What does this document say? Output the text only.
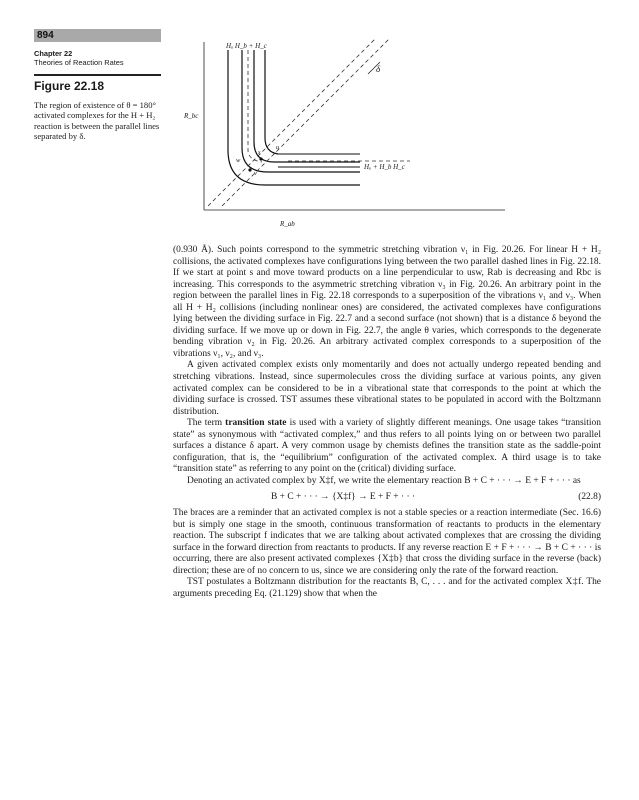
894
Chapter 22
Theories of Reaction Rates
Figure 22.18
The region of existence of θ = 180° activated complexes for the H + H₂ reaction is between the parallel lines separated by δ.
δ
s
u
w
v
Hₐ H_b + H_c
Hₐ + H_b H_c
R_bc
R_ab

(0.930 Å). Such points correspond to the symmetric stretching vibration ν₁ in Fig. 20.26. For linear H + H₂ collisions, the activated complexes have configurations lying between the two parallel dashed lines in Fig. 22.18. If we start at point s and move toward products on a line perpendicular to usw, Rab is decreasing and Rbc is increasing. This corresponds to the asymmetric stretching vibration ν₃ in Fig. 20.26. An arbitrary point in the region between the parallel lines in Fig. 22.18 corresponds to a superposition of the vibrations ν₁ and ν₃. When all H + H₂ collisions (including nonlinear ones) are considered, the activated complexes have configurations lying between the dividing surface in Fig. 22.7 and a second surface (not shown) that is a distance δ beyond the dividing surface. If we move up or down in Fig. 22.7, the angle θ varies, which corresponds to the degenerate bending vibration ν₂ in Fig. 20.26. An arbitrary activated complex corresponds to a superposition of the vibrations ν₁, ν₂, and ν₃.

A given activated complex exists only momentarily and does not actually undergo repeated bending and stretching vibrations. Instead, since supermolecules cross the dividing surface at various points, any given activated complex can be considered to be in a vibrational state that corresponds to the point at which the dividing surface is crossed. TST assumes these vibrational states to be populated in accord with the Boltzmann distribution.

The term transition state is used with a variety of slightly different meanings. One usage takes “transition state” as synonymous with “activated complex,” and thus refers to all points lying on or between two parallel surfaces a distance δ apart. A very common usage by chemists defines the transition state as the saddle-point configuration, that is, the “equilibrium” configuration of the activated complex. A third usage is to take “transition state” as referring to any point on the (critical) dividing surface.

Denoting an activated complex by X‡f, we write the elementary reaction B + C + · · · → E + F + · · · as

B + C + · · · → {X‡f} → E + F + · · ·	(22.8)

The braces are a reminder that an activated complex is not a stable species or a reaction intermediate (Sec. 16.6) but is simply one stage in the smooth, continuous transformation of reactants to products in the elementary reaction. The subscript f indicates that we are talking about activated complexes that are crossing the dividing surface in the forward direction from reactants to products. If any reverse reaction E + F + · · · → B + C + · · · is occurring, there are also present activated complexes {X‡b} that cross the dividing surface in the reverse (back) direction; these are of no concern to us, since we are considering only the rate of the forward reaction.

TST postulates a Boltzmann distribution for the reactants B, C, . . . and for the activated complex X‡f. The arguments preceding Eq. (21.129) show that when the
